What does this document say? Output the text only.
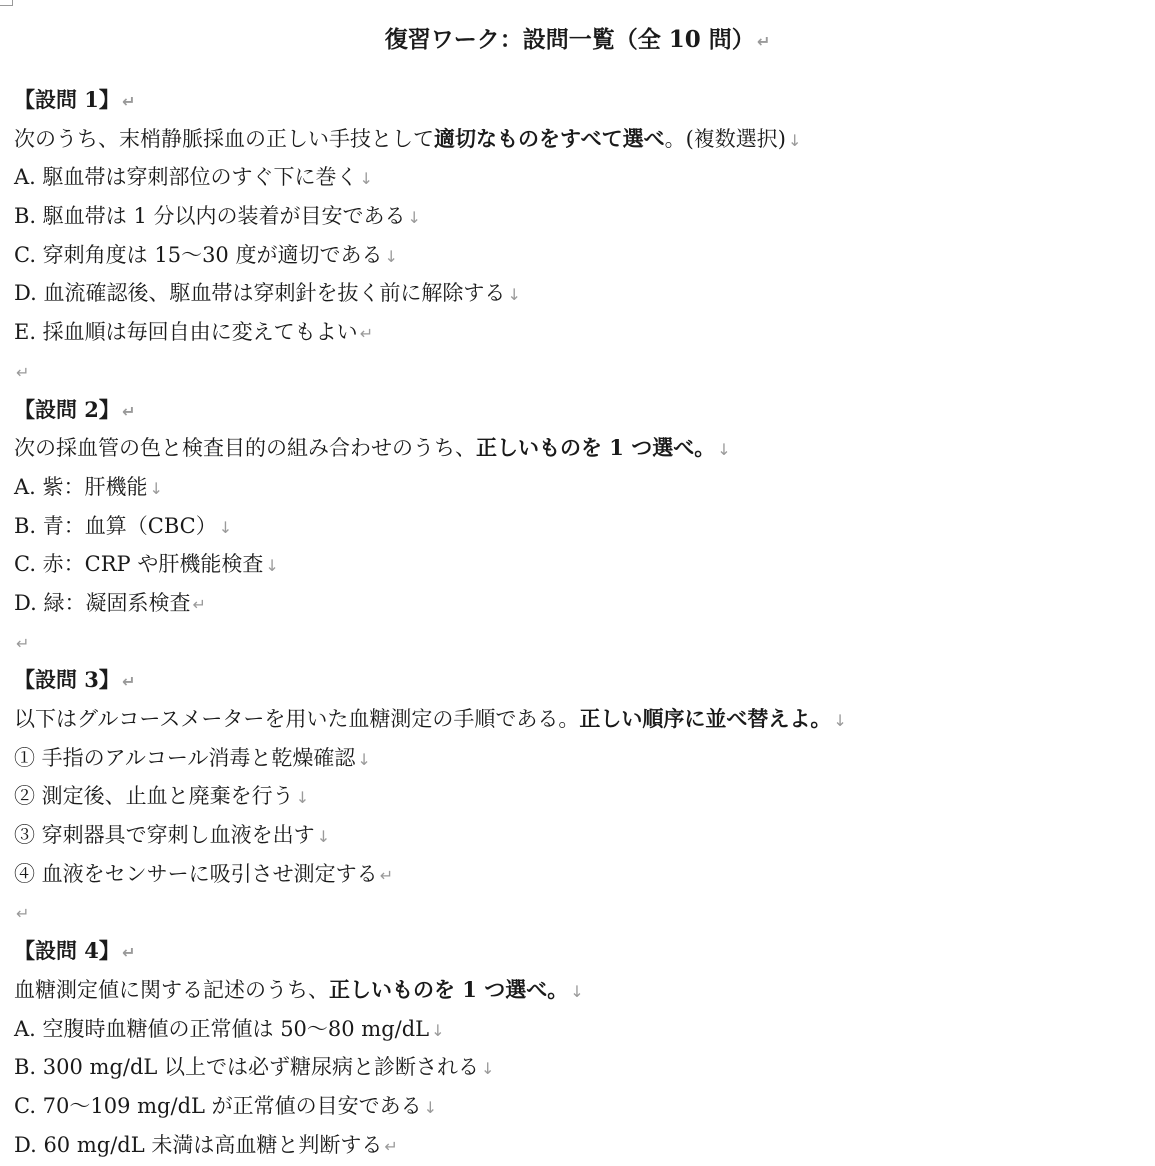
復習ワーク：設問一覧（全 10 問） ↵
【設問 1】 ↵
次のうち、末梢静脈採血の正しい手技として適切なものをすべて選べ。(複数選択) ↓
A. 駆血帯は穿刺部位のすぐ下に巻く ↓
B. 駆血帯は 1 分以内の装着が目安である ↓
C. 穿刺角度は 15〜30 度が適切である ↓
D. 血流確認後、駆血帯は穿刺針を抜く前に解除する ↓
E. 採血順は毎回自由に変えてもよい ↵
↵
【設問 2】 ↵
次の採血管の色と検査目的の組み合わせのうち、正しいものを 1 つ選べ。 ↓
A. 紫：肝機能 ↓
B. 青：血算（CBC） ↓
C. 赤：CRP や肝機能検査 ↓
D. 緑：凝固系検査 ↵
↵
【設問 3】 ↵
以下はグルコースメーターを用いた血糖測定の手順である。正しい順序に並べ替えよ。 ↓
① 手指のアルコール消毒と乾燥確認 ↓
② 測定後、止血と廃棄を行う ↓
③ 穿刺器具で穿刺し血液を出す ↓
④ 血液をセンサーに吸引させ測定する ↵
↵
【設問 4】 ↵
血糖測定値に関する記述のうち、正しいものを 1 つ選べ。 ↓
A. 空腹時血糖値の正常値は 50〜80 mg/dL ↓
B. 300 mg/dL 以上では必ず糖尿病と診断される ↓
C. 70〜109 mg/dL が正常値の目安である ↓
D. 60 mg/dL 未満は高血糖と判断する ↵
